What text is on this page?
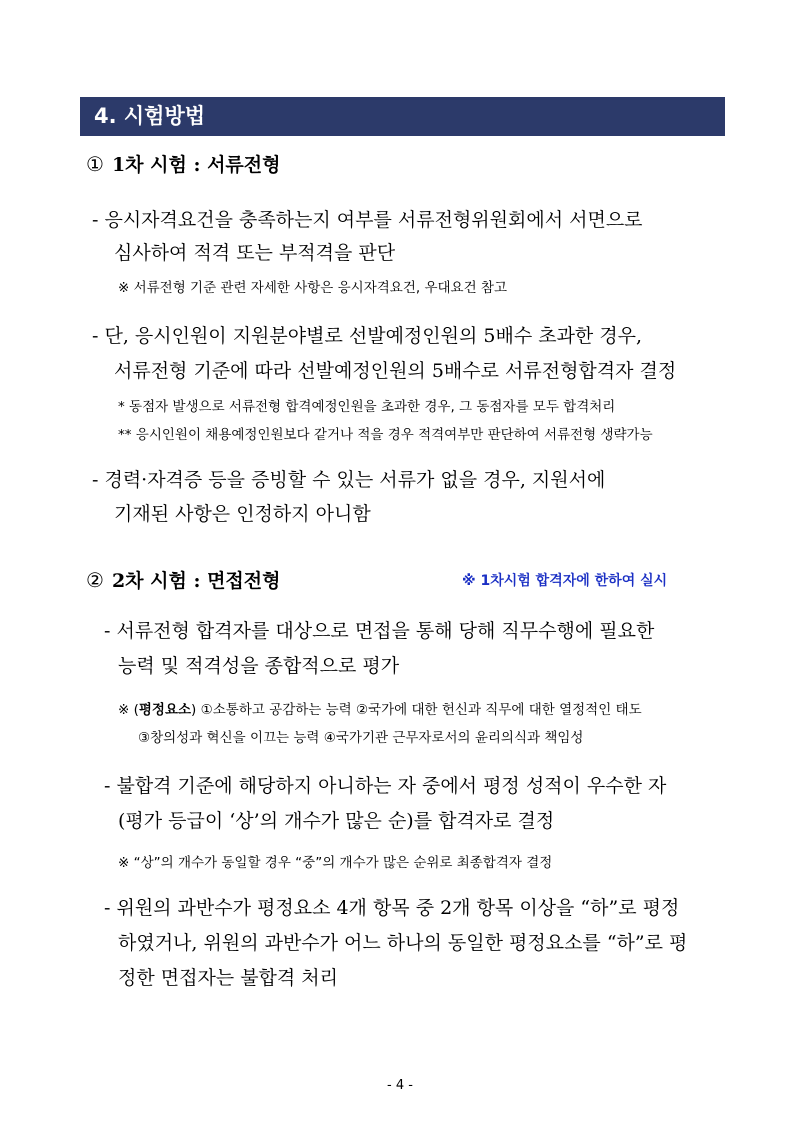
4. 시험방법
① 1차 시험 : 서류전형
- 응시자격요건을 충족하는지 여부를 서류전형위원회에서 서면으로
심사하여 적격 또는 부적격을 판단
※ 서류전형 기준 관련 자세한 사항은 응시자격요건, 우대요건 참고
- 단, 응시인원이 지원분야별로 선발예정인원의 5배수 초과한 경우,
서류전형 기준에 따라 선발예정인원의 5배수로 서류전형합격자 결정
* 동점자 발생으로 서류전형 합격예정인원을 초과한 경우, 그 동점자를 모두 합격처리
** 응시인원이 채용예정인원보다 같거나 적을 경우 적격여부만 판단하여 서류전형 생략가능
- 경력·자격증 등을 증빙할 수 있는 서류가 없을 경우, 지원서에
기재된 사항은 인정하지 아니함
② 2차 시험 : 면접전형	※ 1차시험 합격자에 한하여 실시
- 서류전형 합격자를 대상으로 면접을 통해 당해 직무수행에 필요한
능력 및 적격성을 종합적으로 평가
※ (평정요소) ①소통하고 공감하는 능력 ②국가에 대한 헌신과 직무에 대한 열정적인 태도
③창의성과 혁신을 이끄는 능력 ④국가기관 근무자로서의 윤리의식과 책임성
- 불합격 기준에 해당하지 아니하는 자 중에서 평정 성적이 우수한 자
(평가 등급이 ‘상’의 개수가 많은 순)를 합격자로 결정
※ “상”의 개수가 동일할 경우 “중”의 개수가 많은 순위로 최종합격자 결정
- 위원의 과반수가 평정요소 4개 항목 중 2개 항목 이상을 “하”로 평정
하였거나, 위원의 과반수가 어느 하나의 동일한 평정요소를 “하”로 평
정한 면접자는 불합격 처리
- 4 -
